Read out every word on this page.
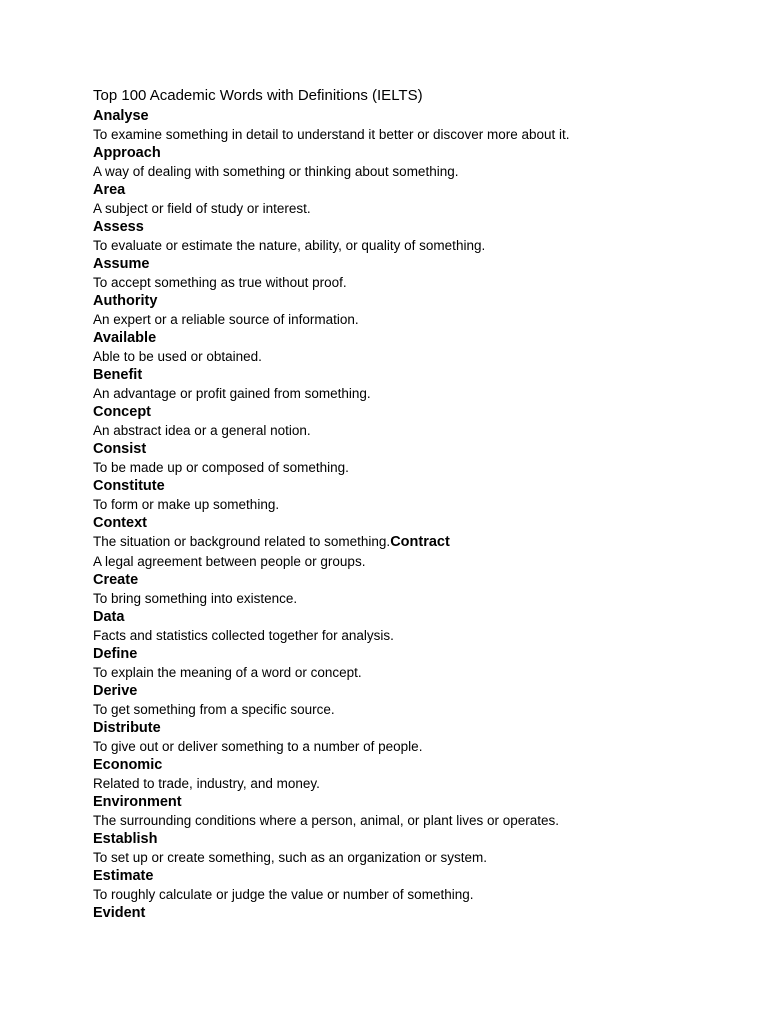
Top 100 Academic Words with Definitions (IELTS)
Analyse
To examine something in detail to understand it better or discover more about it.
Approach
A way of dealing with something or thinking about something.
Area
A subject or field of study or interest.
Assess
To evaluate or estimate the nature, ability, or quality of something.
Assume
To accept something as true without proof.
Authority
An expert or a reliable source of information.
Available
Able to be used or obtained.
Benefit
An advantage or profit gained from something.
Concept
An abstract idea or a general notion.
Consist
To be made up or composed of something.
Constitute
To form or make up something.
Context
The situation or background related to something.Contract
A legal agreement between people or groups.
Create
To bring something into existence.
Data
Facts and statistics collected together for analysis.
Define
To explain the meaning of a word or concept.
Derive
To get something from a specific source.
Distribute
To give out or deliver something to a number of people.
Economic
Related to trade, industry, and money.
Environment
The surrounding conditions where a person, animal, or plant lives or operates.
Establish
To set up or create something, such as an organization or system.
Estimate
To roughly calculate or judge the value or number of something.
Evident
